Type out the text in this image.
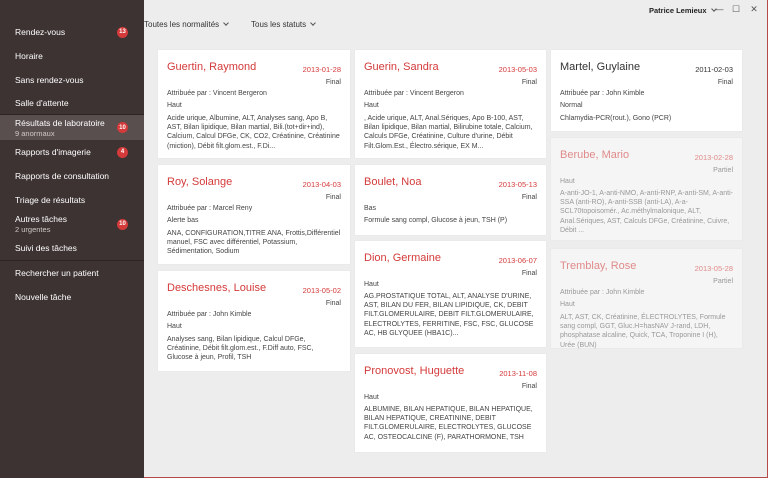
Rendez-vous	13
Horaire
Sans rendez-vous
Salle d'attente
Résultats de laboratoire
9 anormaux
10
Rapports d'imagerie	4
Rapports de consultation
Triage de résultats
Autres tâches
2 urgentes
10
Suivi des tâches
Rechercher un patient
Nouvelle tâche
Toutes les normalités	Tous les statuts
Patrice Lemieux — ☐	✕
Guertin, Raymond	2013-01-28
Final
Attribuée par : Vincent Bergeron
Haut
Acide urique, Albumine, ALT, Analyses sang, Apo B, AST, Bilan lipidique, Bilan martial, Bili.(tot+dir+ind), Calcium, Calcul DFGe, CK, CO2, Créatinine, Créatinine (miction), Débit filt.glom.est., F.Di...
Roy, Solange	2013-04-03
Final
Attribuée par : Marcel Reny
Alerte bas
ANA, CONFIGURATION,TITRE ANA, Frottis,Différentiel manuel, FSC avec différentiel, Potassium, Sédimentation, Sodium
Deschesnes, Louise	2013-05-02
Final
Attribuée par : John Kimble
Haut
Analyses sang, Bilan lipidique, Calcul DFGe, Créatinine, Débit filt.glom.est., F.Diff auto, FSC, Glucose à jeun, Profil, TSH
Guerin, Sandra	2013-05-03
Final
Attribuée par : Vincent Bergeron
Haut
, Acide urique, ALT, Anal.Sériques, Apo B-100, AST, Bilan lipidique, Bilan martial, Bilirubine totale, Calcium, Calculs DFGe, Créatinine, Culture d'urine, Débit Filt.Glom.Est., Électro.sérique, EX M...
Boulet, Noa	2013-05-13
Final
Bas
Formule sang compl, Glucose à jeun, TSH (P)
Dion, Germaine	2013-06-07
Final
Haut
AG.PROSTATIQUE TOTAL, ALT, ANALYSE D'URINE, AST, BILAN DU FER, BILAN LIPIDIQUE, CK, DEBIT FILT.GLOMERULAIRE, DEBIT FILT.GLOMERULAIRE, ELECTROLYTES, FERRITINE, FSC, FSC, GLUCOSE AC, HB GLYQUEE (HBA1C)...
Pronovost, Huguette	2013-11-08
Final
Haut
ALBUMINE, BILAN HEPATIQUE, BILAN HEPATIQUE, BILAN HEPATIQUE, CREATININE, DEBIT FILT.GLOMERULAIRE, ELECTROLYTES, GLUCOSE AC, OSTEOCALCINE (F), PARATHORMONE, TSH
Martel, Guylaine	2011-02-03
Final
Attribuée par : John Kimble
Normal
Chlamydia-PCR(rout.), Gono (PCR)
Berube, Mario	2013-02-28
Partiel
Haut
A-anti-JO-1, A-anti-NMO, A-anti-RNP, A-anti-SM, A-anti-SSA (anti-RO), A-anti-SSB (anti-LA), A-a-SCL70topoisomér., Ac.méthylmalonique, ALT, Anal.Sériques, AST, Calculs DFGe, Créatinine, Cuivre, Débit ...
Tremblay, Rose	2013-05-28
Partiel
Attribuée par : John Kimble
Haut
ALT, AST, CK, Créatinine, ÉLECTROLYTES, Formule sang compl, GGT, Gluc.H=hasNAV J-rand, LDH, phosphatase alcaline, Quick, TCA, Troponine I (H), Urée (BUN)
